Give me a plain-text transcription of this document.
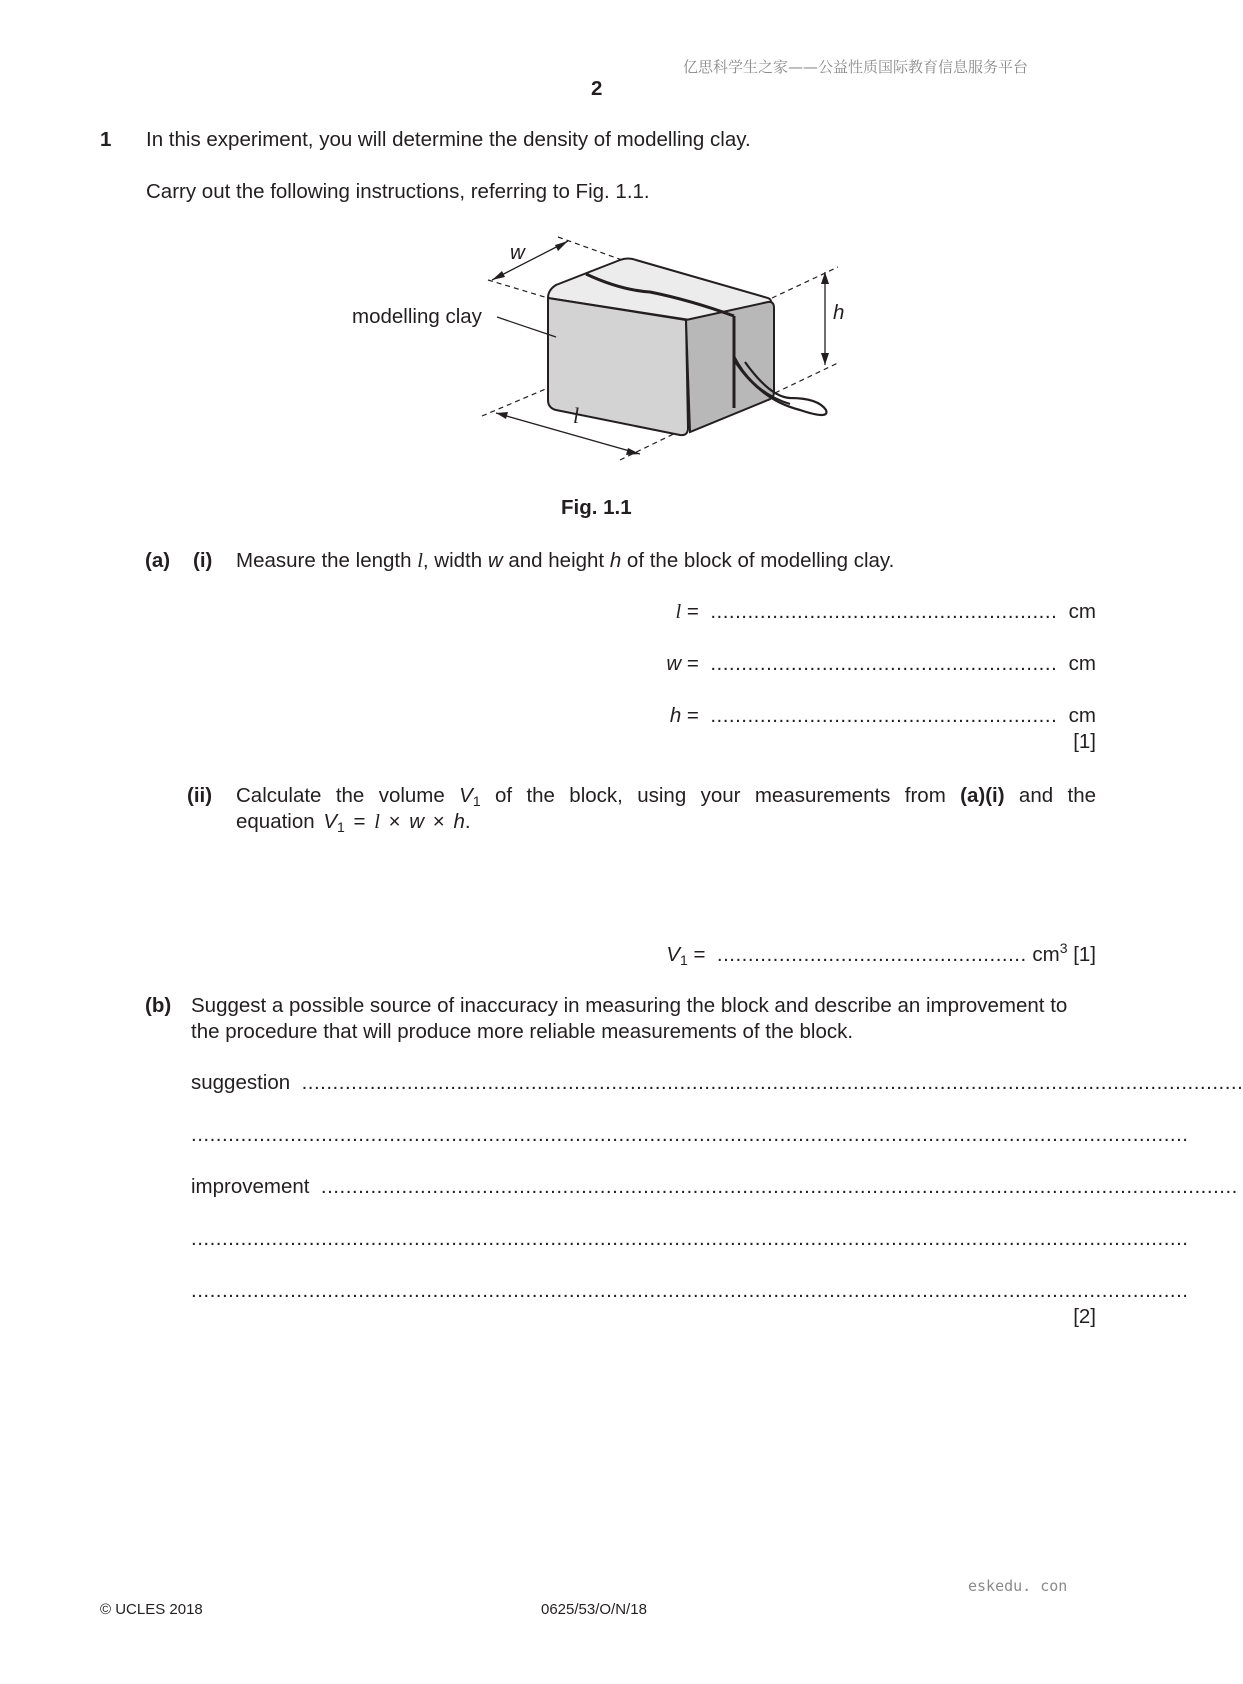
亿思科学生之家——公益性质国际教育信息服务平台
2
1 In this experiment, you will determine the density of modelling clay.
Carry out the following instructions, referring to Fig. 1.1.
modelling clay
w
h
l
Fig. 1.1
(a) (i) Measure the length l, width w and height h of the block of modelling clay.
l = ........................................................ cm
w = ........................................................ cm
h = ........................................................ cm
[1]
(ii) Calculate the volume $V_1$ of the block, using your measurements from (a)(i) and the equation $V_1 = l \times w \times h$.
$V_1$ = .................................................. $cm^3$ [1]
(b) Suggest a possible source of inaccuracy in measuring the block and describe an improvement to the procedure that will produce more reliable measurements of the block.
suggestion ........................................................................................................................................................
.................................................................................................................................................................
improvement ....................................................................................................................................................
.................................................................................................................................................................
.................................................................................................................................................................
[2]
eskedu. con
© UCLES 2018	0625/53/O/N/18
